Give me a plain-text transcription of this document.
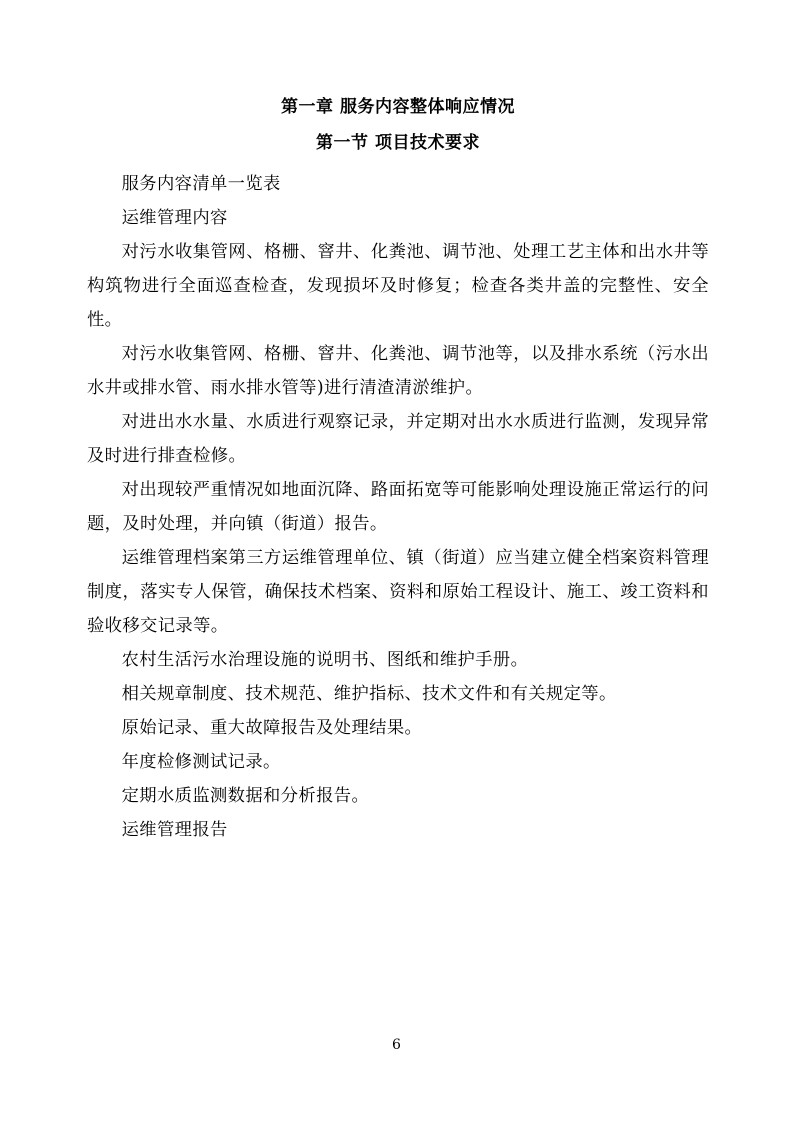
第一章 服务内容整体响应情况
第一节 项目技术要求

服务内容清单一览表

运维管理内容

对污水收集管网、格栅、窨井、化粪池、调节池、处理工艺主体和出水井等构筑物进行全面巡查检查，发现损坏及时修复；检查各类井盖的完整性、安全性。

对污水收集管网、格栅、窨井、化粪池、调节池等，以及排水系统（污水出水井或排水管、雨水排水管等)进行清渣清淤维护。

对进出水水量、水质进行观察记录，并定期对出水水质进行监测，发现异常及时进行排查检修。

对出现较严重情况如地面沉降、路面拓宽等可能影响处理设施正常运行的问题，及时处理，并向镇（街道）报告。

运维管理档案第三方运维管理单位、镇（街道）应当建立健全档案资料管理制度，落实专人保管，确保技术档案、资料和原始工程设计、施工、竣工资料和验收移交记录等。

农村生活污水治理设施的说明书、图纸和维护手册。

相关规章制度、技术规范、维护指标、技术文件和有关规定等。

原始记录、重大故障报告及处理结果。

年度检修测试记录。

定期水质监测数据和分析报告。

运维管理报告

6
